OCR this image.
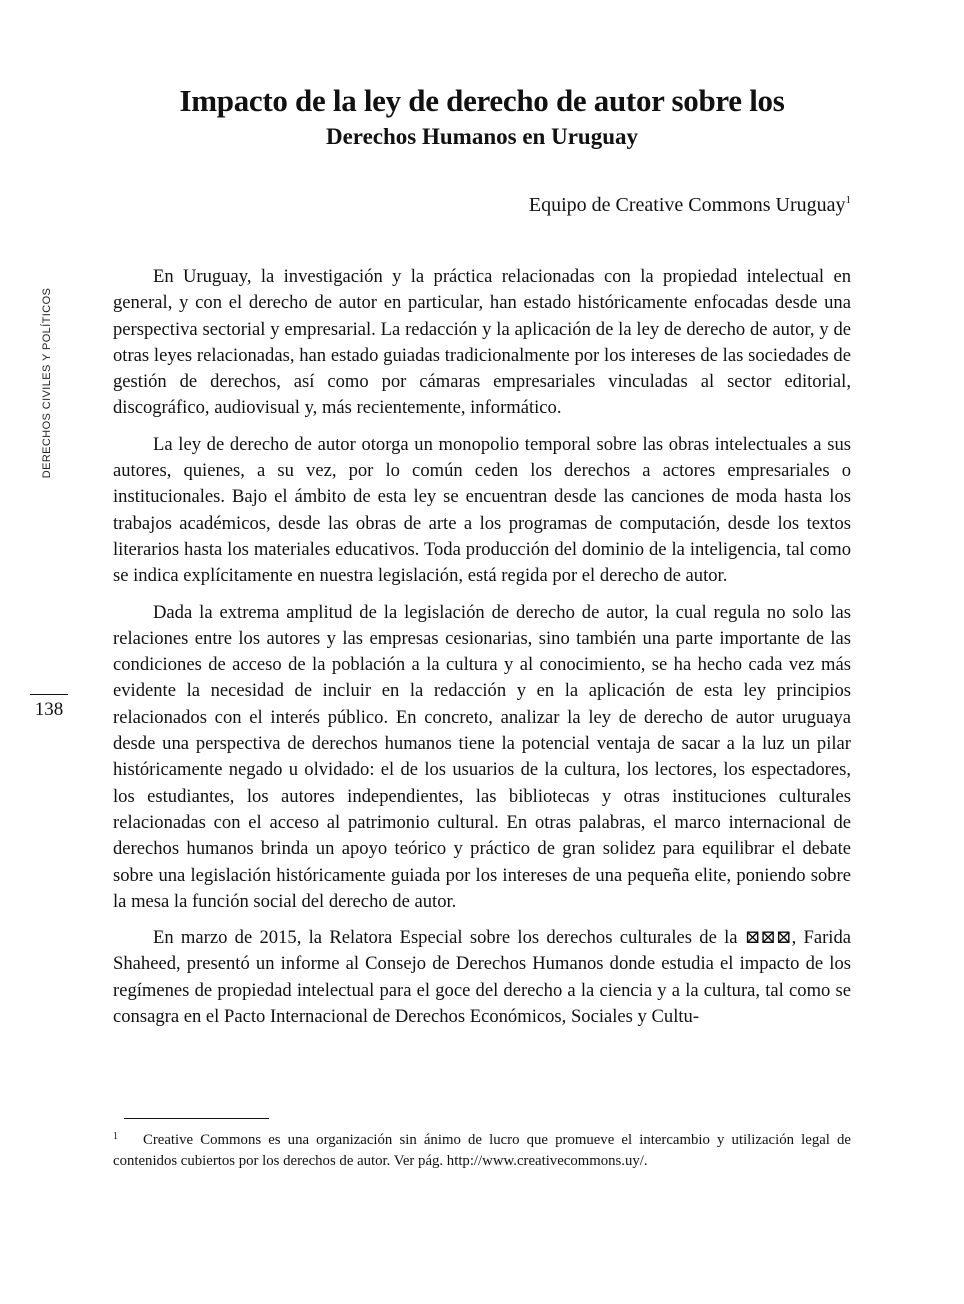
DERECHOS CIVILES Y POLÍTICOS
138
Impacto de la ley de derecho de autor sobre los
Derechos Humanos en Uruguay
Equipo de Creative Commons Uruguay$^1$

En Uruguay, la investigación y la práctica relacionadas con la propiedad intelectual en general, y con el derecho de autor en particular, han estado históricamente enfocadas desde una perspectiva sectorial y empresarial. La redacción y la aplicación de la ley de derecho de autor, y de otras leyes relacionadas, han estado guiadas tradicionalmente por los intereses de las sociedades de gestión de derechos, así como por cámaras empresariales vinculadas al sector editorial, discográfico, audiovisual y, más recientemente, informático.

La ley de derecho de autor otorga un monopolio temporal sobre las obras intelectuales a sus autores, quienes, a su vez, por lo común ceden los derechos a actores empresariales o institucionales. Bajo el ámbito de esta ley se encuentran desde las canciones de moda hasta los trabajos académicos, desde las obras de arte a los programas de computación, desde los textos literarios hasta los materiales educativos. Toda producción del dominio de la inteligencia, tal como se indica explícitamente en nuestra legislación, está regida por el derecho de autor.

Dada la extrema amplitud de la legislación de derecho de autor, la cual regula no solo las relaciones entre los autores y las empresas cesionarias, sino también una parte importante de las condiciones de acceso de la población a la cultura y al conocimiento, se ha hecho cada vez más evidente la necesidad de incluir en la redacción y en la aplicación de esta ley principios relacionados con el interés público. En concreto, analizar la ley de derecho de autor uruguaya desde una perspectiva de derechos humanos tiene la potencial ventaja de sacar a la luz un pilar históricamente negado u olvidado: el de los usuarios de la cultura, los lectores, los espectadores, los estudiantes, los autores independientes, las bibliotecas y otras instituciones culturales relacionadas con el acceso al patrimonio cultural. En otras palabras, el marco internacional de derechos humanos brinda un apoyo teórico y práctico de gran solidez para equilibrar el debate sobre una legislación históricamente guiada por los intereses de una pequeña elite, poniendo sobre la mesa la función social del derecho de autor.

En marzo de 2015, la Relatora Especial sobre los derechos culturales de la ⊠⊠⊠, Farida Shaheed, presentó un informe al Consejo de Derechos Humanos donde estudia el impacto de los regímenes de propiedad intelectual para el goce del derecho a la ciencia y a la cultura, tal como se consagra en el Pacto Internacional de Derechos Económicos, Sociales y Cultu-

1 Creative Commons es una organización sin ánimo de lucro que promueve el intercambio y utilización legal de contenidos cubiertos por los derechos de autor. Ver pág. http://www.creativecommons.uy/.
